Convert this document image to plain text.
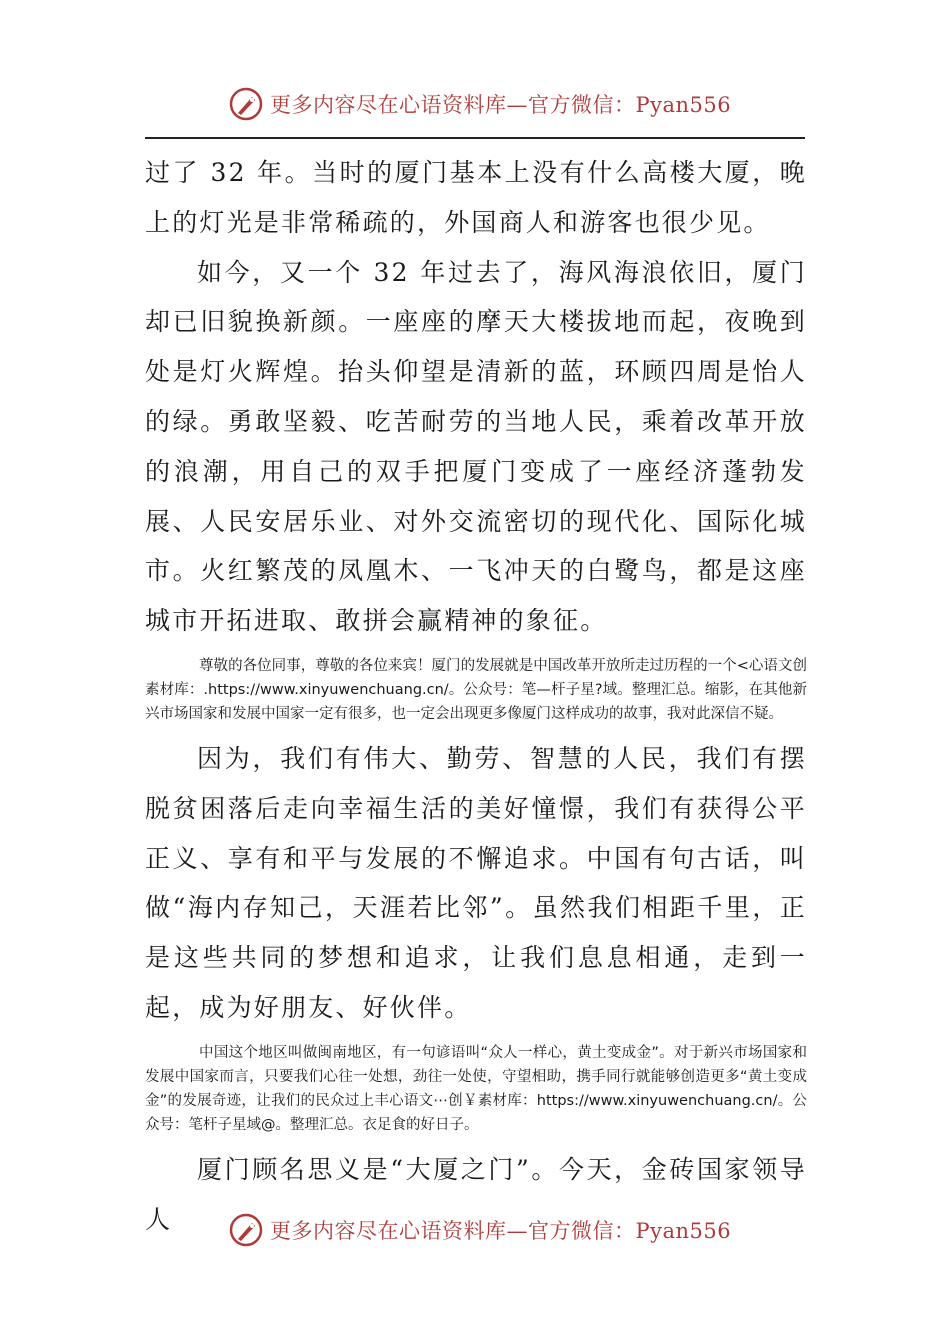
更多内容尽在心语资料库—官方微信：Pyan556

过了 32 年。当时的厦门基本上没有什么高楼大厦，晚上的灯光是非常稀疏的，外国商人和游客也很少见。

如今，又一个 32 年过去了，海风海浪依旧，厦门却已旧貌换新颜。一座座的摩天大楼拔地而起，夜晚到处是灯火辉煌。抬头仰望是清新的蓝，环顾四周是怡人的绿。勇敢坚毅、吃苦耐劳的当地人民，乘着改革开放的浪潮，用自己的双手把厦门变成了一座经济蓬勃发展、人民安居乐业、对外交流密切的现代化、国际化城市。火红繁茂的凤凰木、一飞冲天的白鹭鸟，都是这座城市开拓进取、敢拼会赢精神的象征。

尊敬的各位同事，尊敬的各位来宾！厦门的发展就是中国改革开放所走过历程的一个<心语文创素材库：.https://www.xinyuwenchuang.cn/。公众号：笔—杆子星?域。整理汇总。缩影，在其他新兴市场国家和发展中国家一定有很多，也一定会出现更多像厦门这样成功的故事，我对此深信不疑。

因为，我们有伟大、勤劳、智慧的人民，我们有摆脱贫困落后走向幸福生活的美好憧憬，我们有获得公平正义、享有和平与发展的不懈追求。中国有句古话，叫做“海内存知己，天涯若比邻”。虽然我们相距千里，正是这些共同的梦想和追求，让我们息息相通，走到一起，成为好朋友、好伙伴。

中国这个地区叫做闽南地区，有一句谚语叫“众人一样心，黄土变成金”。对于新兴市场国家和发展中国家而言，只要我们心往一处想，劲往一处使，守望相助，携手同行就能够创造更多“黄土变成金”的发展奇迹，让我们的民众过上丰心语文⋯创￥素材库：https://www.xinyuwenchuang.cn/。公众号：笔杆子星域@。整理汇总。衣足食的好日子。

厦门顾名思义是“大厦之门”。今天，金砖国家领导人	更多内容尽在心语资料库—官方微信：Pyan556
